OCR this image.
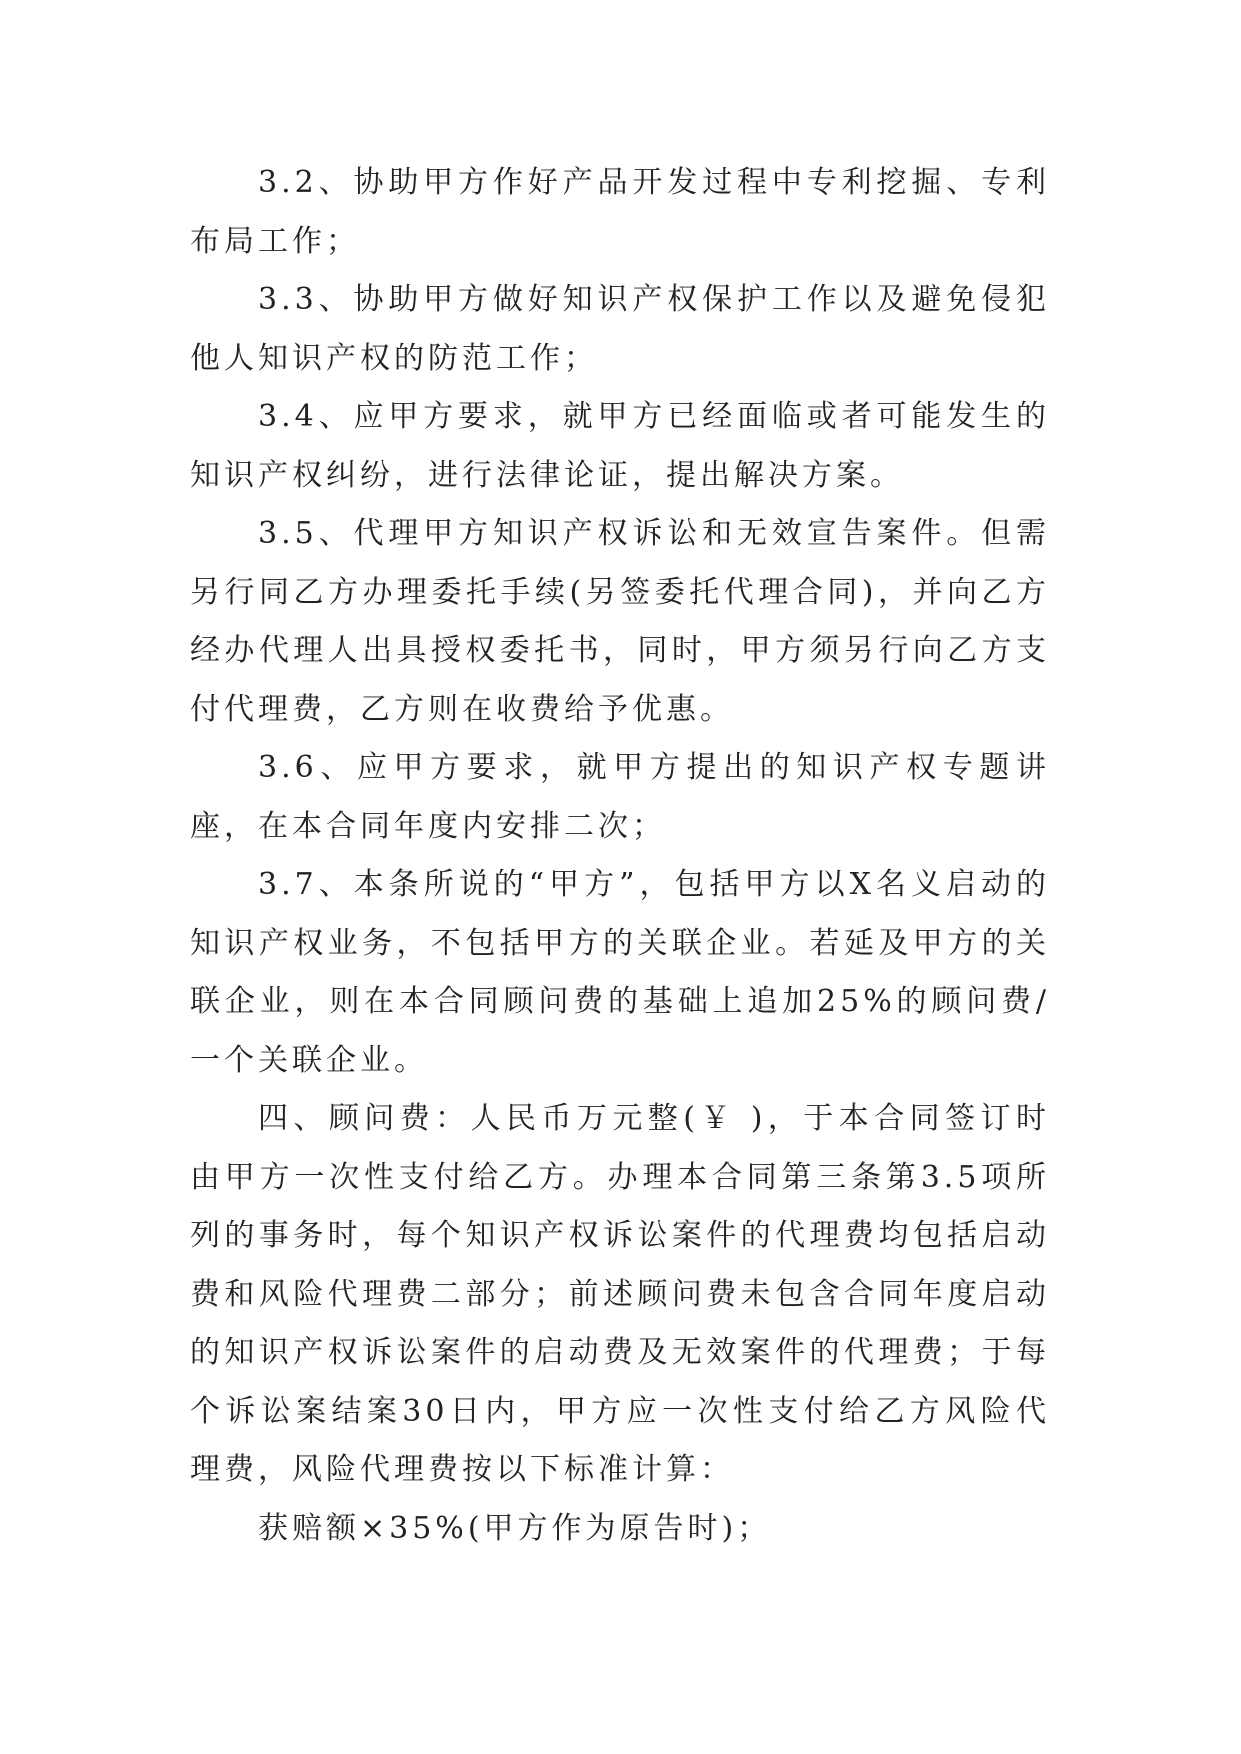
3.2、协助甲方作好产品开发过程中专利挖掘、专利布局工作；

3.3、协助甲方做好知识产权保护工作以及避免侵犯他人知识产权的防范工作；

3.4、应甲方要求，就甲方已经面临或者可能发生的知识产权纠纷，进行法律论证，提出解决方案。

3.5、代理甲方知识产权诉讼和无效宣告案件。但需另行同乙方办理委托手续(另签委托代理合同)，并向乙方经办代理人出具授权委托书，同时，甲方须另行向乙方支付代理费，乙方则在收费给予优惠。

3.6、应甲方要求，就甲方提出的知识产权专题讲座，在本合同年度内安排二次；

3.7、本条所说的“甲方”，包括甲方以X名义启动的知识产权业务，不包括甲方的关联企业。若延及甲方的关联企业，则在本合同顾问费的基础上追加25%的顾问费/一个关联企业。

四、顾问费：人民币万元整(￥ )，于本合同签订时由甲方一次性支付给乙方。办理本合同第三条第3.5项所列的事务时，每个知识产权诉讼案件的代理费均包括启动费和风险代理费二部分；前述顾问费未包含合同年度启动的知识产权诉讼案件的启动费及无效案件的代理费；于每个诉讼案结案30日内，甲方应一次性支付给乙方风险代理费，风险代理费按以下标准计算：

获赔额×35%(甲方作为原告时)；
